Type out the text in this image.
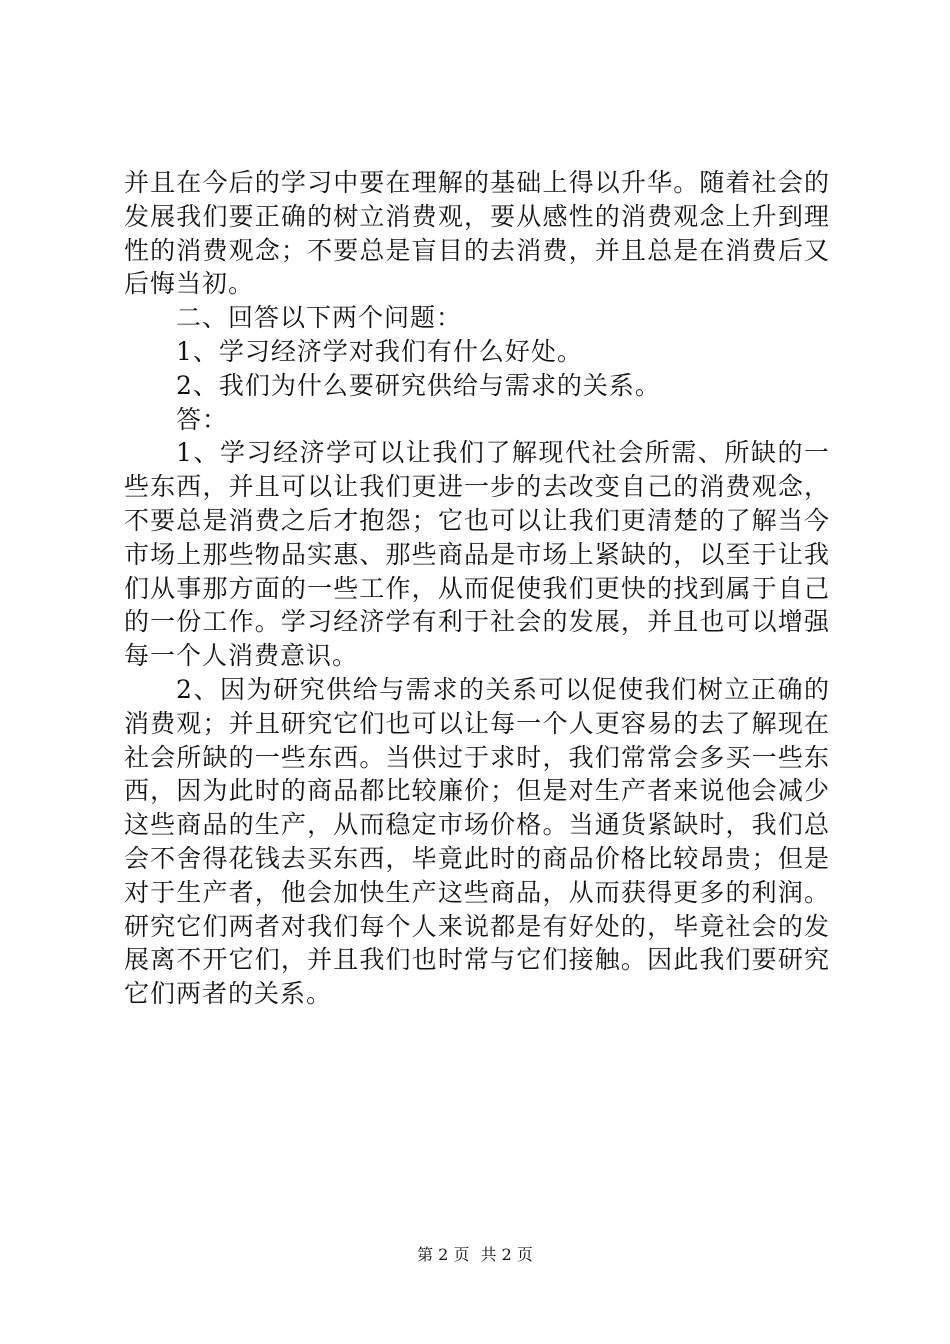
并且在今后的学习中要在理解的基础上得以升华。随着社会的发展我们要正确的树立消费观，要从感性的消费观念上升到理性的消费观念；不要总是盲目的去消费，并且总是在消费后又后悔当初。

二、回答以下两个问题：

1、学习经济学对我们有什么好处。

2、我们为什么要研究供给与需求的关系。

答：

1、学习经济学可以让我们了解现代社会所需、所缺的一些东西，并且可以让我们更进一步的去改变自己的消费观念，不要总是消费之后才抱怨；它也可以让我们更清楚的了解当今市场上那些物品实惠、那些商品是市场上紧缺的，以至于让我们从事那方面的一些工作，从而促使我们更快的找到属于自己的一份工作。学习经济学有利于社会的发展，并且也可以增强每一个人消费意识。

2、因为研究供给与需求的关系可以促使我们树立正确的消费观；并且研究它们也可以让每一个人更容易的去了解现在社会所缺的一些东西。当供过于求时，我们常常会多买一些东西，因为此时的商品都比较廉价；但是对生产者来说他会减少这些商品的生产，从而稳定市场价格。当通货紧缺时，我们总会不舍得花钱去买东西，毕竟此时的商品价格比较昂贵；但是对于生产者，他会加快生产这些商品，从而获得更多的利润。研究它们两者对我们每个人来说都是有好处的，毕竟社会的发展离不开它们，并且我们也时常与它们接触。因此我们要研究它们两者的关系。

第 2 页 共 2 页
